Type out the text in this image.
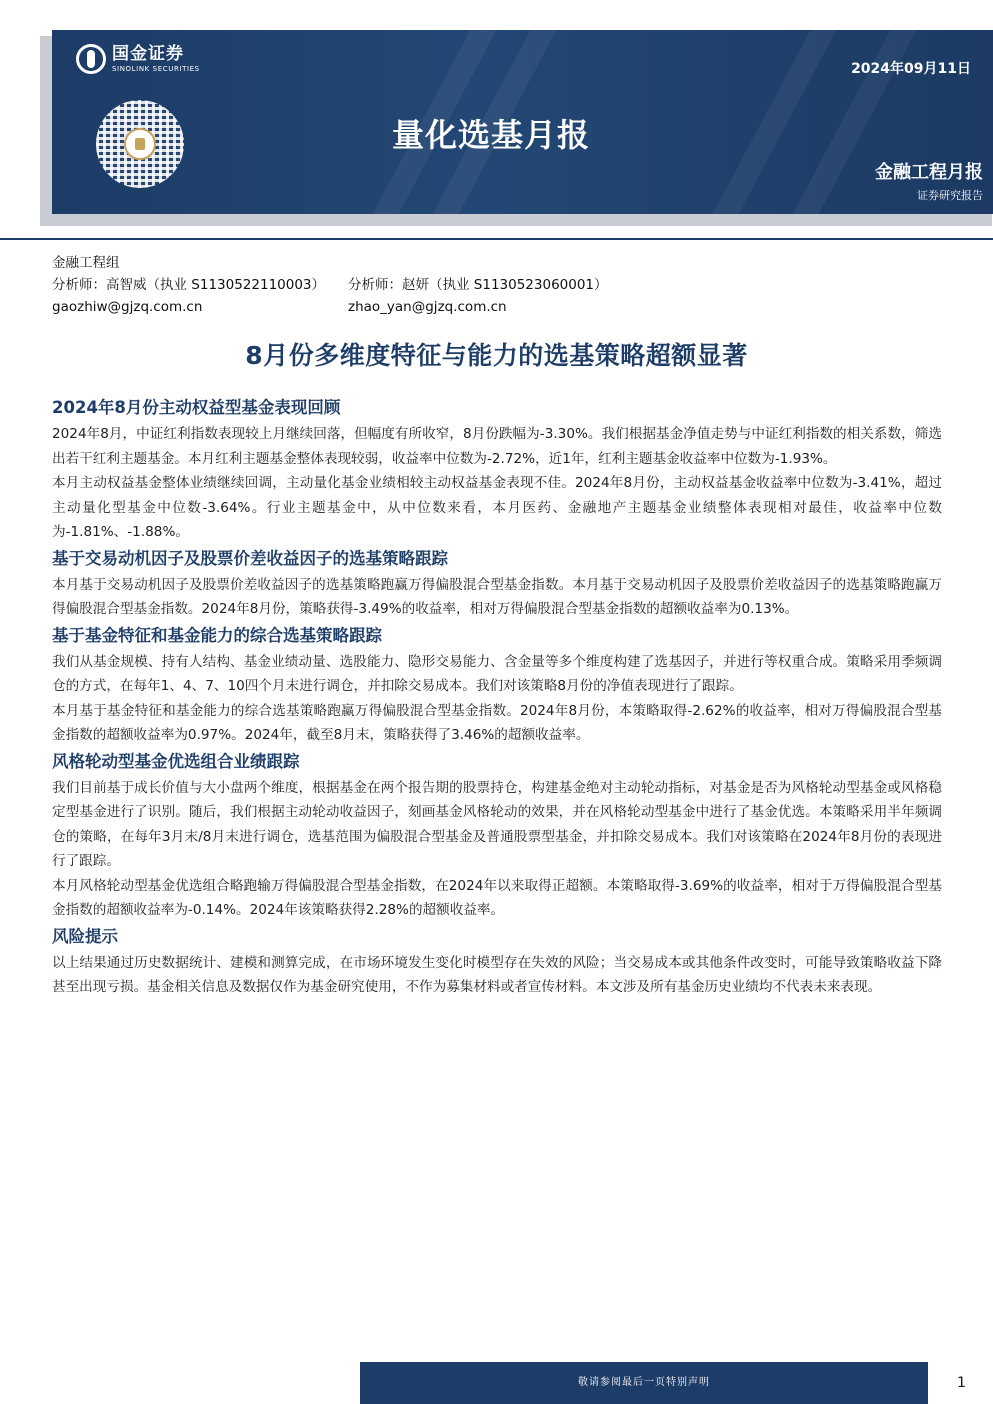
国金证券
SINOLINK SECURITIES
量化选基月报
2024年09月11日
金融工程月报
证券研究报告
金融工程组
分析师：高智威（执业 S1130522110003） 分析师：赵妍（执业 S1130523060001）
gaozhiw@gjzq.com.cn	zhao_yan@gjzq.com.cn
8月份多维度特征与能力的选基策略超额显著
2024年8月份主动权益型基金表现回顾

2024年8月，中证红利指数表现较上月继续回落，但幅度有所收窄，8月份跌幅为-3.30%。我们根据基金净值走势与中证红利指数的相关系数，筛选出若干红利主题基金。本月红利主题基金整体表现较弱，收益率中位数为-2.72%，近1年，红利主题基金收益率中位数为-1.93%。

本月主动权益基金整体业绩继续回调，主动量化基金业绩相较主动权益基金表现不佳。2024年8月份，主动权益基金收益率中位数为-3.41%，超过主动量化型基金中位数-3.64%。行业主题基金中，从中位数来看，本月医药、金融地产主题基金业绩整体表现相对最佳，收益率中位数为-1.81%、-1.88%。

基于交易动机因子及股票价差收益因子的选基策略跟踪

本月基于交易动机因子及股票价差收益因子的选基策略跑赢万得偏股混合型基金指数。本月基于交易动机因子及股票价差收益因子的选基策略跑赢万得偏股混合型基金指数。2024年8月份，策略获得-3.49%的收益率，相对万得偏股混合型基金指数的超额收益率为0.13%。

基于基金特征和基金能力的综合选基策略跟踪

我们从基金规模、持有人结构、基金业绩动量、选股能力、隐形交易能力、含金量等多个维度构建了选基因子，并进行等权重合成。策略采用季频调仓的方式，在每年1、4、7、10四个月末进行调仓，并扣除交易成本。我们对该策略8月份的净值表现进行了跟踪。

本月基于基金特征和基金能力的综合选基策略跑赢万得偏股混合型基金指数。2024年8月份，本策略取得-2.62%的收益率，相对万得偏股混合型基金指数的超额收益率为0.97%。2024年，截至8月末，策略获得了3.46%的超额收益率。

风格轮动型基金优选组合业绩跟踪

我们目前基于成长价值与大小盘两个维度，根据基金在两个报告期的股票持仓，构建基金绝对主动轮动指标，对基金是否为风格轮动型基金或风格稳定型基金进行了识别。随后，我们根据主动轮动收益因子，刻画基金风格轮动的效果，并在风格轮动型基金中进行了基金优选。本策略采用半年频调仓的策略，在每年3月末/8月末进行调仓，选基范围为偏股混合型基金及普通股票型基金，并扣除交易成本。我们对该策略在2024年8月份的表现进行了跟踪。

本月风格轮动型基金优选组合略跑输万得偏股混合型基金指数，在2024年以来取得正超额。本策略取得-3.69%的收益率，相对于万得偏股混合型基金指数的超额收益率为-0.14%。2024年该策略获得2.28%的超额收益率。

风险提示

以上结果通过历史数据统计、建模和测算完成，在市场环境发生变化时模型存在失效的风险；当交易成本或其他条件改变时，可能导致策略收益下降甚至出现亏损。基金相关信息及数据仅作为基金研究使用，不作为募集材料或者宣传材料。本文涉及所有基金历史业绩均不代表未来表现。

敬请参阅最后一页特别声明	1
